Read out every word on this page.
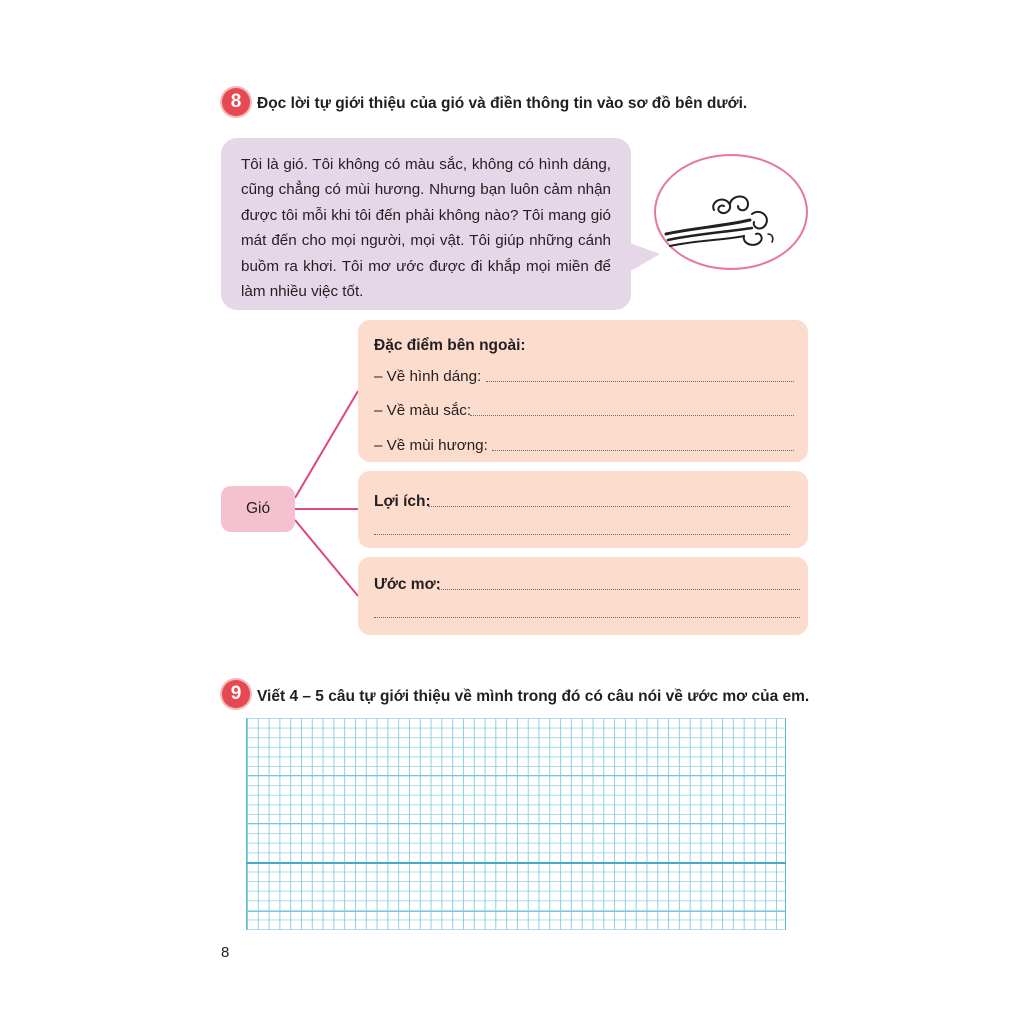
8	Đọc lời tự giới thiệu của gió và điền thông tin vào sơ đồ bên dưới.

Tôi là gió. Tôi không có màu sắc, không có hình dáng, cũng chẳng có mùi hương. Nhưng bạn luôn cảm nhận được tôi mỗi khi tôi đến phải không nào? Tôi mang gió mát đến cho mọi người, mọi vật. Tôi giúp những cánh buồm ra khơi. Tôi mơ ước được đi khắp mọi miền để làm nhiều việc tốt.

Gió
Đặc điểm bên ngoài:
– Về hình dáng:
– Về màu sắc:
– Về mùi hương:
Lợi ích:
Ước mơ:
9	Viết 4 – 5 câu tự giới thiệu về mình trong đó có câu nói về ước mơ của em.
8
